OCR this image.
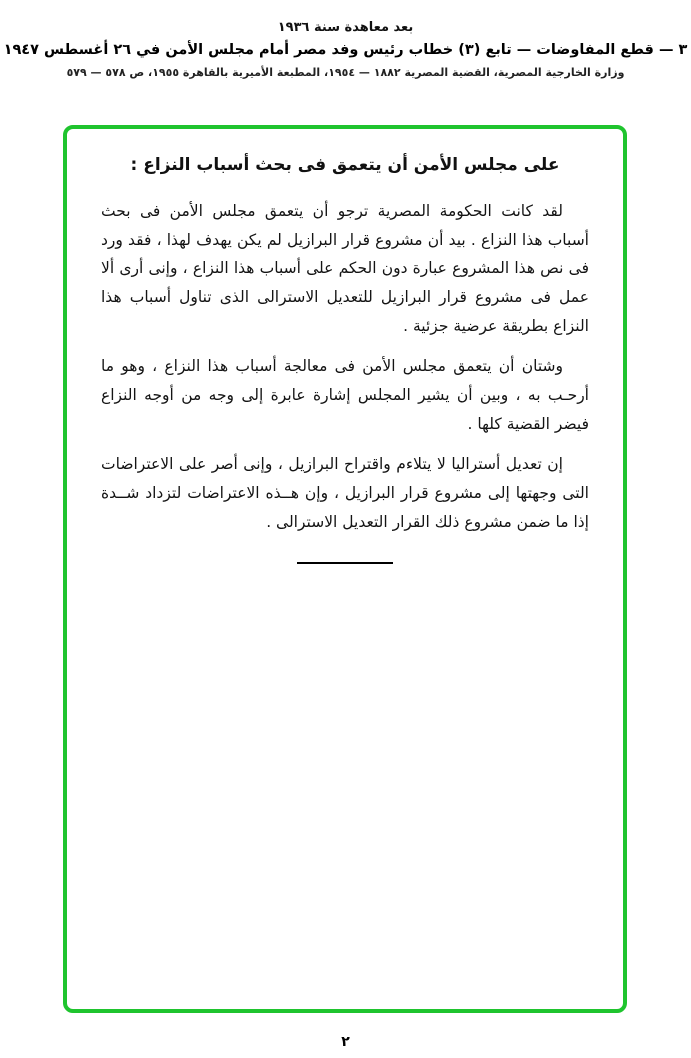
بعد معاهدة سنة ١٩٣٦
٣ — قطع المفاوضات — تابع (٣) خطاب رئيس وفد مصر أمام مجلس الأمن في ٢٦ أغسطس ١٩٤٧
وزارة الخارجية المصرية، القضية المصرية ١٨٨٢ — ١٩٥٤، المطبعة الأميرية بالقاهرة ١٩٥٥، ص ٥٧٨ — ٥٧٩
على مجلس الأمن أن يتعمق فى بحث أسباب النزاع :

لقد كانت الحكومة المصرية ترجو أن يتعمق مجلس الأمن فى بحث أسباب هذا النزاع . بيد أن مشروع قرار البرازيل لم يكن يهدف لهذا ، فقد ورد فى نص هذا المشروع عبارة دون الحكم على أسباب هذا النزاع ، وإنى أرى ألا عمل فى مشروع قرار البرازيل للتعديل الاسترالى الذى تناول أسباب هذا النزاع بطريقة عرضية جزئية .

وشتان أن يتعمق مجلس الأمن فى معالجة أسباب هذا النزاع ، وهو ما أرحـب به ، وبين أن يشير المجلس إشارة عابرة إلى وجه من أوجه النزاع فيضر القضية كلها .

إن تعديل أستراليا لا يتلاءم واقتراح البرازيل ، وإنى أصر على الاعتراضات التى وجهتها إلى مشروع قرار البرازيل ، وإن هــذه الاعتراضات لتزداد شــدة إذا ما ضمن مشروع ذلك القرار التعديل الاسترالى .

٢
